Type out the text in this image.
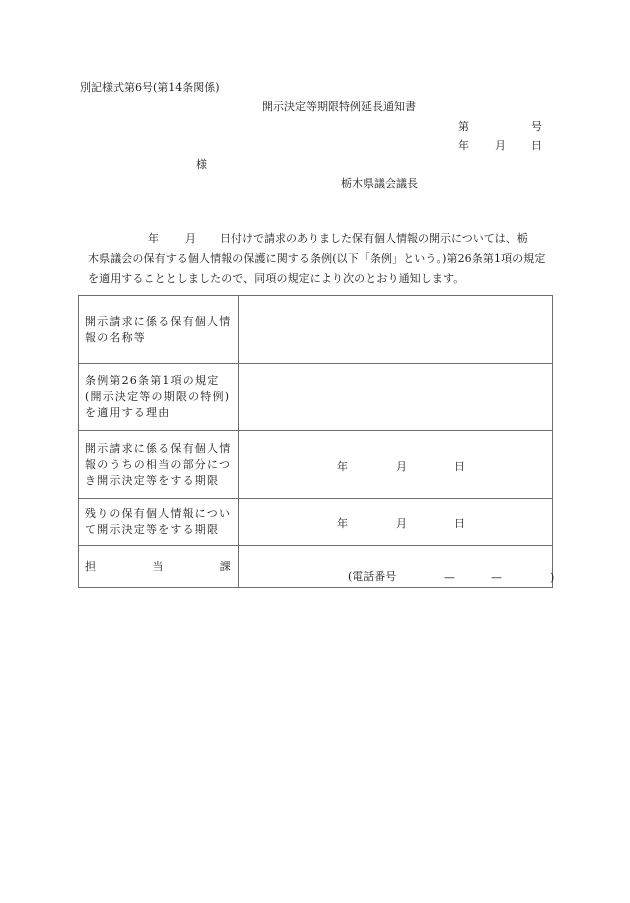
別記様式第6号(第14条関係)
開示決定等期限特例延長通知書
第	号
年 月 日
様
栃木県議会議長
年 月 日付けで請求のありました保有個人情報の開示については、栃

木県議会の保有する個人情報の保護に関する条例(以下「条例」という。)第26条第1項の規定を適用することとしましたので、同項の規定により次のとおり通知します。
開示請求に係る保有個人情報の名称等	
条例第26条第1項の規定(開示決定等の期限の特例)を適用する理由	
開示請求に係る保有個人情報のうちの相当の部分につき開示決定等をする期限	年 月 日

残りの保有個人情報について開示決定等をする期限	年 月 日

担 当 課	(電話番号 — — )
